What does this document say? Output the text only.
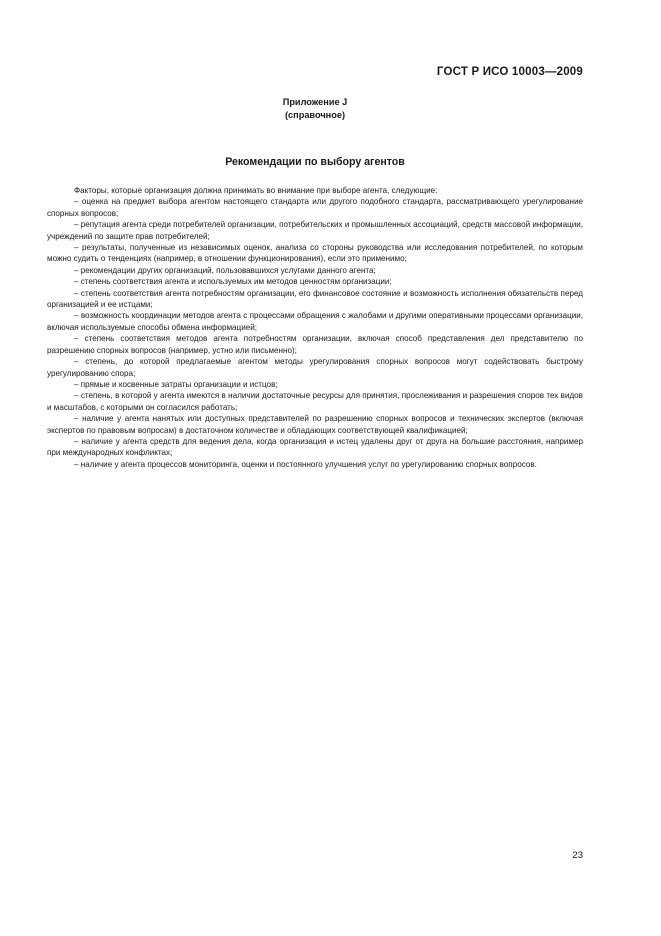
ГОСТ Р ИСО 10003—2009
Приложение J
(справочное)
Рекомендации по выбору агентов

Факторы, которые организация должна принимать во внимание при выборе агента, следующие:

– оценка на предмет выбора агентом настоящего стандарта или другого подобного стандарта, рассматривающего урегулирование спорных вопросов;

– репутация агента среди потребителей организации, потребительских и промышленных ассоциаций, средств массовой информации, учреждений по защите прав потребителей;

– результаты, полученные из независимых оценок, анализа со стороны руководства или исследования потребителей, по которым можно судить о тенденциях (например, в отношении функционирования), если это применимо;

– рекомендации других организаций, пользовавшихся услугами данного агента;

– степень соответствия агента и используемых им методов ценностям организации;

– степень соответствия агента потребностям организации, его финансовое состояние и возможность исполнения обязательств перед организацией и ее истцами;

– возможность координации методов агента с процессами обращения с жалобами и другими оперативными процессами организации, включая используемые способы обмена информацией;

– степень соответствия методов агента потребностям организации, включая способ представления дел представителю по разрешению спорных вопросов (например, устно или письменно);

– степень, до которой предлагаемые агентом методы урегулирования спорных вопросов могут содействовать быстрому урегулированию спора;

– прямые и косвенные затраты организации и истцов;

– степень, в которой у агента имеются в наличии достаточные ресурсы для принятия, прослеживания и разрешения споров тех видов и масштабов, с которыми он согласился работать;

– наличие у агента нанятых или доступных представителей по разрешению спорных вопросов и технических экспертов (включая экспертов по правовым вопросам) в достаточном количестве и обладающих соответствующей квалификацией;

– наличие у агента средств для ведения дела, когда организация и истец удалены друг от друга на большие расстояния, например при международных конфликтах;

– наличие у агента процессов мониторинга, оценки и постоянного улучшения услуг по урегулированию спорных вопросов.

23
